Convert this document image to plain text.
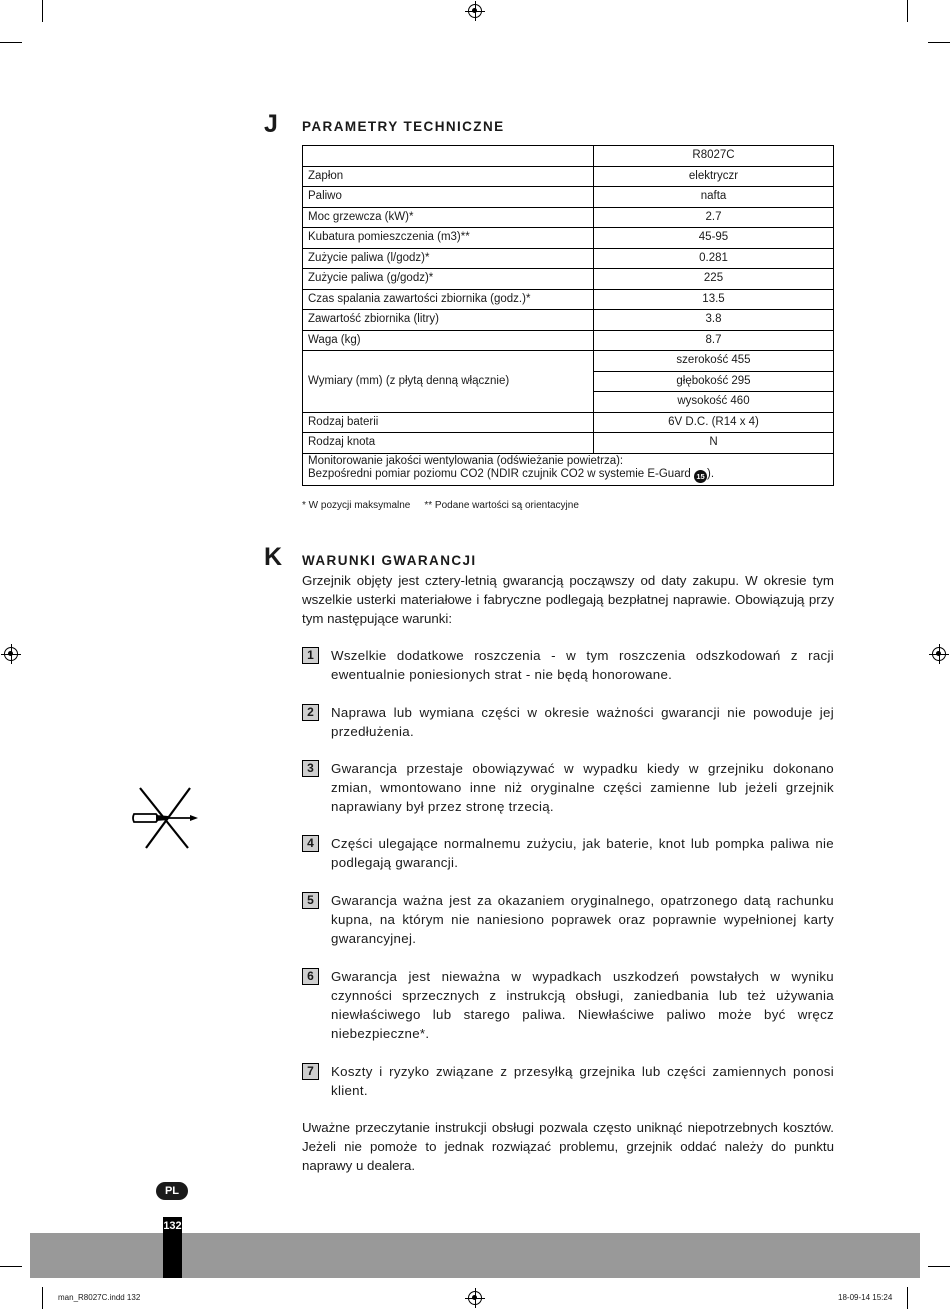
J PARAMETRY TECHNICZNE
	R8027C
Zapłon	elektryczr
Paliwo	nafta
Moc grzewcza (kW)*	2.7
Kubatura pomieszczenia (m3)**	45-95
Zużycie paliwa (l/godz)*	0.281
Zużycie paliwa (g/godz)*	225
Czas spalania zawartości zbiornika (godz.)*	13.5
Zawartość zbiornika (litry)	3.8
Waga (kg)	8.7
Wymiary (mm) (z płytą denną włącznie)	szerokość 455
	głębokość 295
	wysokość 460
Rodzaj baterii	6V D.C. (R14 x 4)
Rodzaj knota	N
Monitorowanie jakości wentylowania (odświeżanie powietrza):
Bezpośredni pomiar poziomu CO2 (NDIR czujnik CO2 w systemie E-Guard 15 ).	
* W pozycji maksymalne ** Podane wartości są orientacyjne
K WARUNKI GWARANCJI
Grzejnik objęty jest cztery-letnią gwarancją począwszy od daty zakupu. W okresie tym wszelkie usterki materiałowe i fabryczne podlegają bezpłatnej naprawie. Obowiązują przy tym następujące warunki:
1	Wszelkie dodatkowe roszczenia - w tym roszczenia odszkodowań z racji ewentualnie poniesionych strat - nie będą honorowane.
2	Naprawa lub wymiana części w okresie ważności gwarancji nie powoduje jej przedłużenia.
3	Gwarancja przestaje obowiązywać w wypadku kiedy w grzejniku dokonano zmian, wmontowano inne niż oryginalne części zamienne lub jeżeli grzejnik naprawiany był przez stronę trzecią.
4	Części ulegające normalnemu zużyciu, jak baterie, knot lub pompka paliwa nie podlegają gwarancji.
5	Gwarancja ważna jest za okazaniem oryginalnego, opatrzonego datą rachunku kupna, na którym nie naniesiono poprawek oraz poprawnie wypełnionej karty gwarancyjnej.
6	Gwarancja jest nieważna w wypadkach uszkodzeń powstałych w wyniku czynności sprzecznych z instrukcją obsługi, zaniedbania lub też używania niewłaściwego lub starego paliwa. Niewłaściwe paliwo może być wręcz niebezpieczne*.
7	Koszty i ryzyko związane z przesyłką grzejnika lub części zamiennych ponosi klient.
Uważne przeczytanie instrukcji obsługi pozwala często uniknąć niepotrzebnych kosztów. Jeżeli nie pomoże to jednak rozwiązać problemu, grzejnik oddać należy do punktu naprawy u dealera.
PL
132
man_R8027C.indd 132	18-09-14 15:24
